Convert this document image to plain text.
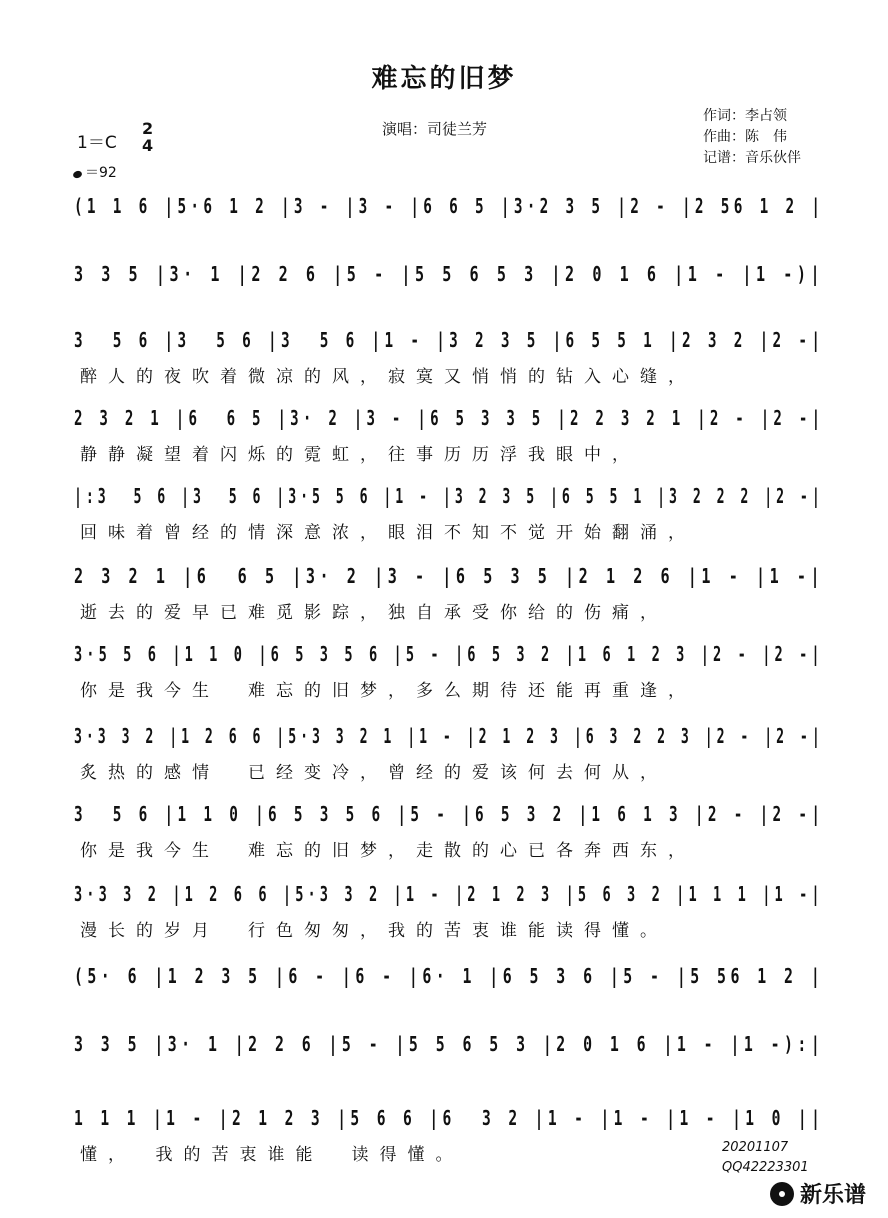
难忘的旧梦
演唱：司徒兰芳
作词：李占领
作曲：陈　伟
记谱：音乐伙伴
1＝C
2
4
＝92
(1 1 6 |5·6 1 2 |3 - |3 - |6 6 5 |3·2 3 5 |2 - |2 56 1 2 |
3 3 5 |3· 1 |2 2 6 |5 - |5 5 6 5 3 |2 0 1 6 |1 - |1 -)|
3  5 6 |3  5 6 |3  5 6 |1 - |3 2 3 5 |6 5 5 1 |2 3 2 |2 -|
醉人的夜吹着微凉的风，寂寞又悄悄的钻入心缝，
2 3 2 1 |6  6 5 |3· 2 |3 - |6 5 3 3 5 |2 2 3 2 1 |2 - |2 -|
静静凝望着闪烁的霓虹，往事历历浮我眼中，
|:3  5 6 |3  5 6 |3·5 5 6 |1 - |3 2 3 5 |6 5 5 1 |3 2 2 2 |2 -|
回味着曾经的情深意浓，眼泪不知不觉开始翻涌，
2 3 2 1 |6  6 5 |3· 2 |3 - |6 5 3 5 |2 1 2 6 |1 - |1 -|
逝去的爱早已难觅影踪，独自承受你给的伤痛，
3·5 5 6 |1 1 0 |6 5 3 5 6 |5 - |6 5 3 2 |1 6 1 2 3 |2 - |2 -|
你是我今生　难忘的旧梦，多么期待还能再重逢，
3·3 3 2 |1 2 6 6 |5·3 3 2 1 |1 - |2 1 2 3 |6 3 2 2 3 |2 - |2 -|
炙热的感情　已经变冷，曾经的爱该何去何从，
3  5 6 |1 1 0 |6 5 3 5 6 |5 - |6 5 3 2 |1 6 1 3 |2 - |2 -|
你是我今生　难忘的旧梦，走散的心已各奔西东，
3·3 3 2 |1 2 6 6 |5·3 3 2 |1 - |2 1 2 3 |5 6 3 2 |1 1 1 |1 -|
漫长的岁月　行色匆匆，我的苦衷谁能读得懂。
(5· 6 |1 2 3 5 |6 - |6 - |6· 1 |6 5 3 6 |5 - |5 56 1 2 |
3 3 5 |3· 1 |2 2 6 |5 - |5 5 6 5 3 |2 0 1 6 |1 - |1 -):|
1 1 1 |1 - |2 1 2 3 |5 6 6 |6  3 2 |1 - |1 - |1 - |1 0 ||
懂，　我的苦衷谁能　读得懂。	20201107
QQ42223301
新乐谱
